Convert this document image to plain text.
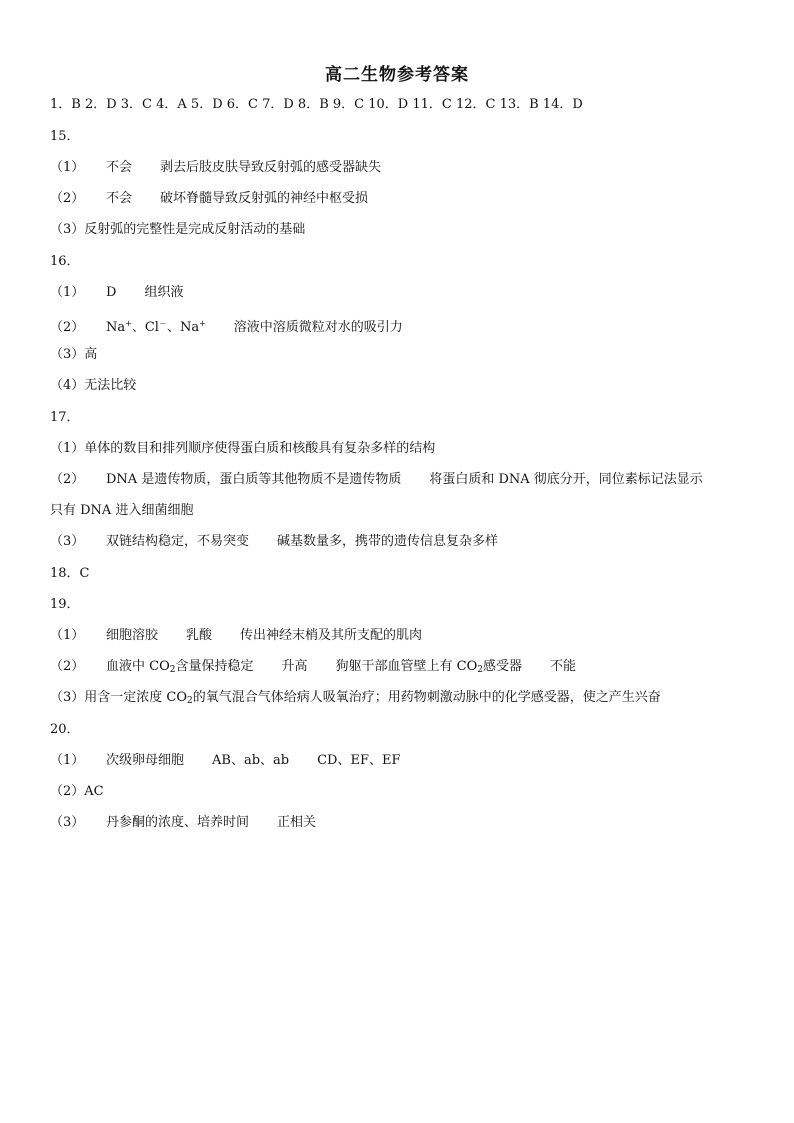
高二生物参考答案
1．B 2．D 3．C 4．A 5．D 6．C 7．D 8．B 9．C 10．D 11．C 12．C 13．B 14．D
15．
（1） 不会 剥去后肢皮肤导致反射弧的感受器缺失
（2） 不会 破坏脊髓导致反射弧的神经中枢受损
（3）反射弧的完整性是完成反射活动的基础
16．
（1） D 组织液
（2） Na+、Cl－、Na+ 溶液中溶质微粒对水的吸引力
（3）高
（4）无法比较
17．
（1）单体的数目和排列顺序使得蛋白质和核酸具有复杂多样的结构
（2） DNA 是遗传物质，蛋白质等其他物质不是遗传物质 将蛋白质和 DNA 彻底分开，同位素标记法显示
只有 DNA 进入细菌细胞
（3） 双链结构稳定，不易突变 碱基数量多，携带的遗传信息复杂多样
18．C
19．
（1） 细胞溶胶 乳酸 传出神经末梢及其所支配的肌肉
（2） 血液中 CO2含量保持稳定 升高 狗躯干部血管壁上有 CO2感受器 不能
（3）用含一定浓度 CO2的氧气混合气体给病人吸氧治疗；用药物刺激动脉中的化学感受器，使之产生兴奋
20．
（1） 次级卵母细胞 AB、ab、ab CD、EF、EF
（2）AC
（3） 丹参酮的浓度、培养时间 正相关
